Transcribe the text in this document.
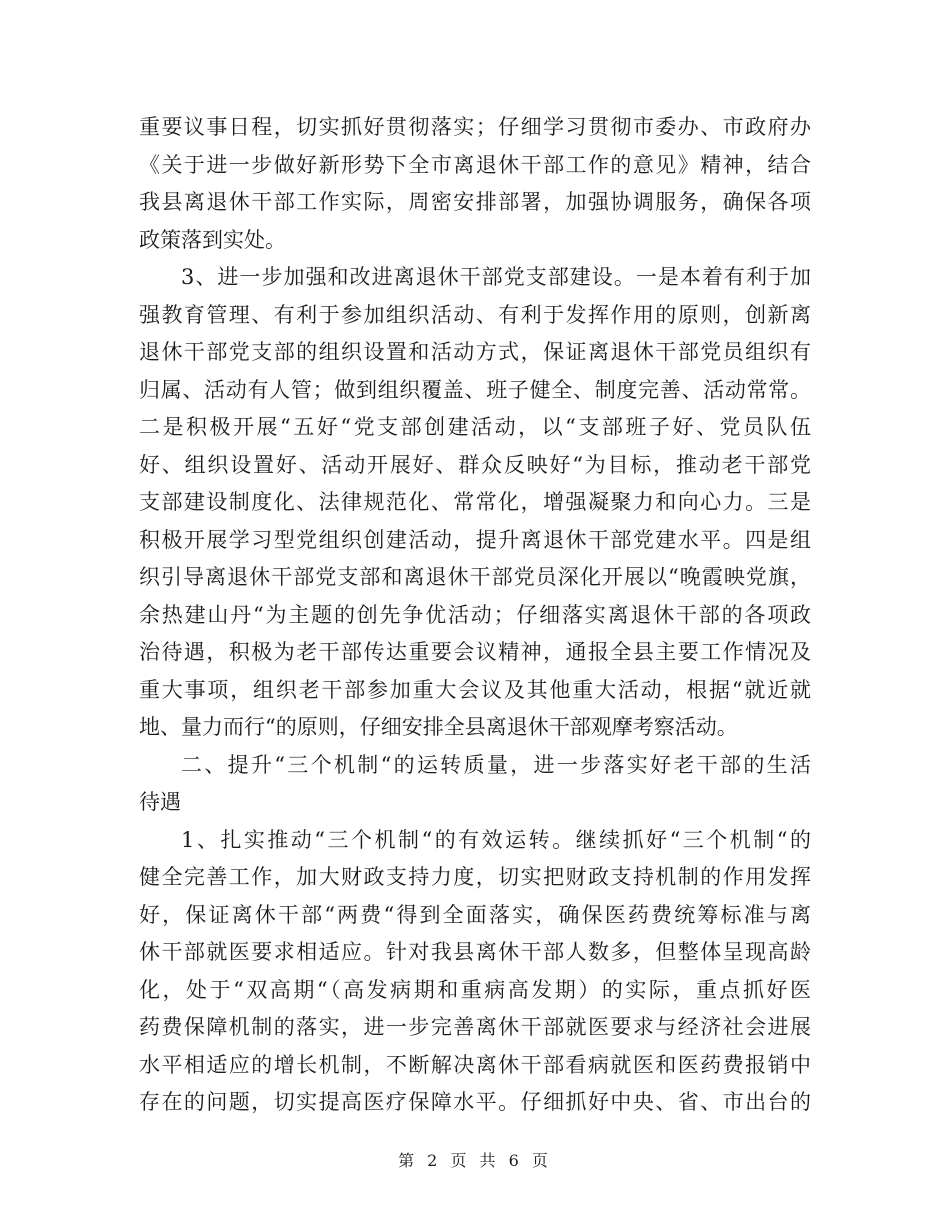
重要议事日程，切实抓好贯彻落实；仔细学习贯彻市委办、市政府办
《关于进一步做好新形势下全市离退休干部工作的意见》精神，结合
我县离退休干部工作实际，周密安排部署，加强协调服务，确保各项
政策落到实处。
3、进一步加强和改进离退休干部党支部建设。一是本着有利于加
强教育管理、有利于参加组织活动、有利于发挥作用的原则，创新离
退休干部党支部的组织设置和活动方式，保证离退休干部党员组织有
归属、活动有人管；做到组织覆盖、班子健全、制度完善、活动常常。
二是积极开展“五好“党支部创建活动，以“支部班子好、党员队伍
好、组织设置好、活动开展好、群众反映好“为目标，推动老干部党
支部建设制度化、法律规范化、常常化，增强凝聚力和向心力。三是
积极开展学习型党组织创建活动，提升离退休干部党建水平。四是组
织引导离退休干部党支部和离退休干部党员深化开展以“晚霞映党旗，
余热建山丹“为主题的创先争优活动；仔细落实离退休干部的各项政
治待遇，积极为老干部传达重要会议精神，通报全县主要工作情况及
重大事项，组织老干部参加重大会议及其他重大活动，根据“就近就
地、量力而行“的原则，仔细安排全县离退休干部观摩考察活动。
二、提升“三个机制“的运转质量，进一步落实好老干部的生活
待遇
1、扎实推动“三个机制“的有效运转。继续抓好“三个机制“的
健全完善工作，加大财政支持力度，切实把财政支持机制的作用发挥
好，保证离休干部“两费“得到全面落实，确保医药费统筹标准与离
休干部就医要求相适应。针对我县离休干部人数多，但整体呈现高龄
化，处于“双高期“（高发病期和重病高发期）的实际，重点抓好医
药费保障机制的落实，进一步完善离休干部就医要求与经济社会进展
水平相适应的增长机制，不断解决离休干部看病就医和医药费报销中
存在的问题，切实提高医疗保障水平。仔细抓好中央、省、市出台的
第 2 页 共 6 页
